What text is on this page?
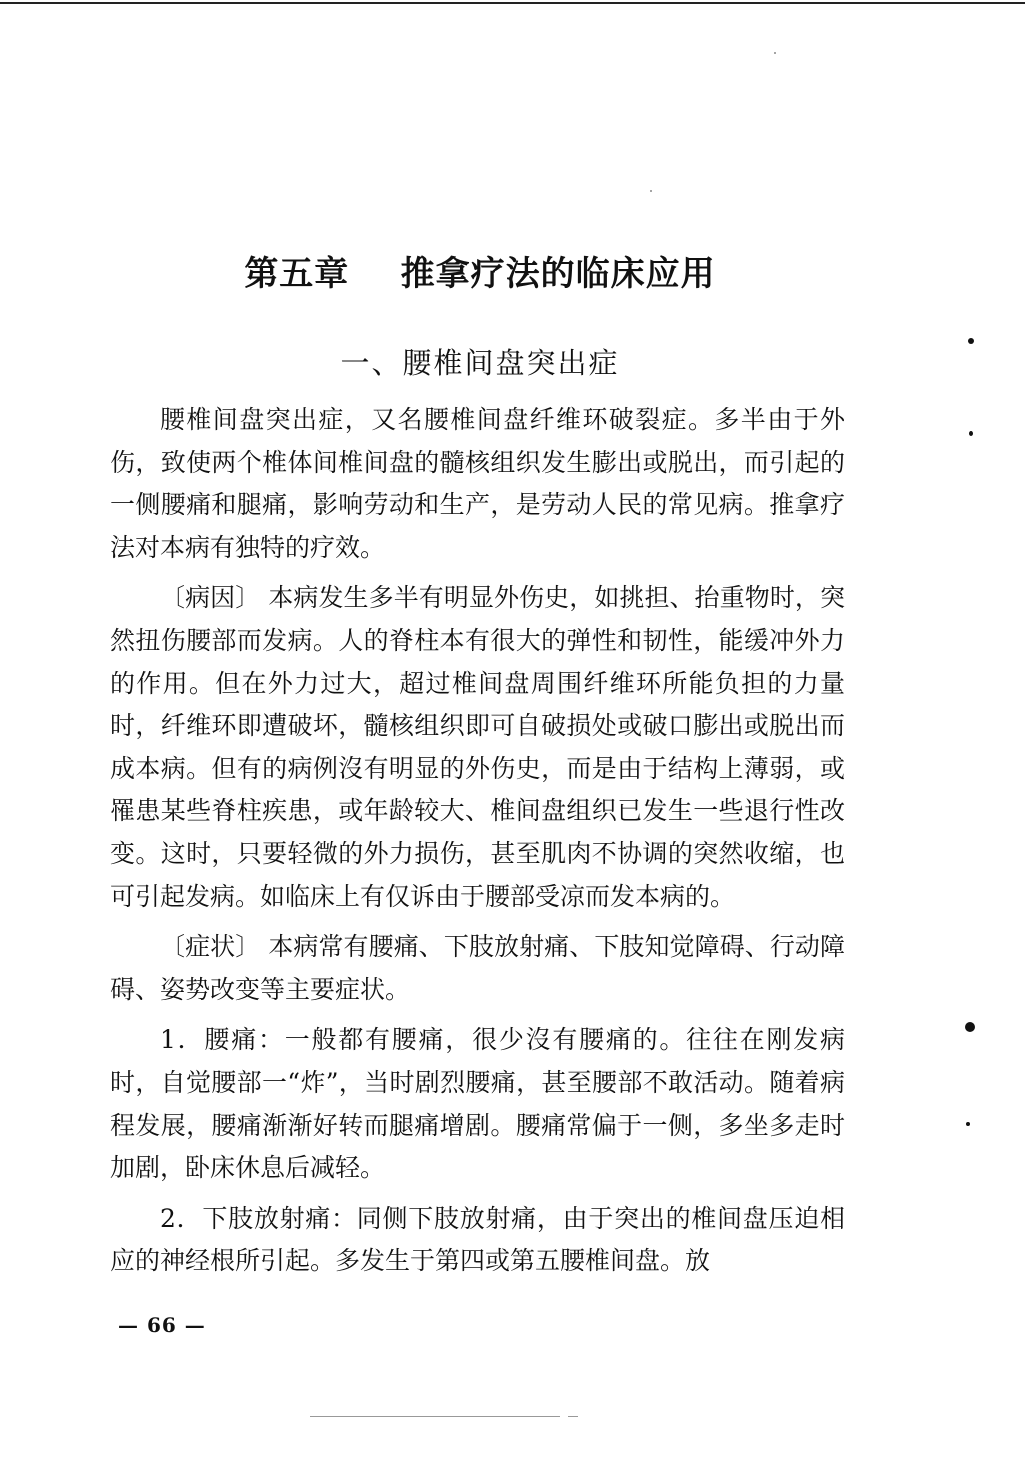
第五章    推拿疗法的临床应用
一、腰椎间盘突出症

腰椎间盘突出症，又名腰椎间盘纤维环破裂症。多半由于外伤，致使两个椎体间椎间盘的髓核组织发生膨出或脱出，而引起的一侧腰痛和腿痛，影响劳动和生产，是劳动人民的常见病。推拿疗法对本病有独特的疗效。

〔病因〕 本病发生多半有明显外伤史，如挑担、抬重物时，突然扭伤腰部而发病。人的脊柱本有很大的弹性和韧性，能缓冲外力的作用。但在外力过大，超过椎间盘周围纤维环所能负担的力量时，纤维环即遭破坏，髓核组织即可自破损处或破口膨出或脱出而成本病。但有的病例沒有明显的外伤史，而是由于结构上薄弱，或罹患某些脊柱疾患，或年龄较大、椎间盘组织已发生一些退行性改变。这时，只要轻微的外力损伤，甚至肌肉不协调的突然收缩，也可引起发病。如临床上有仅诉由于腰部受凉而发本病的。

〔症状〕 本病常有腰痛、下肢放射痛、下肢知觉障碍、行动障碍、姿势改变等主要症状。

1．腰痛：一般都有腰痛，很少沒有腰痛的。往往在刚发病时，自觉腰部一“炸”，当时剧烈腰痛，甚至腰部不敢活动。随着病程发展，腰痛渐渐好转而腿痛增剧。腰痛常偏于一侧，多坐多走时加剧，卧床休息后减轻。

2．下肢放射痛：同侧下肢放射痛，由于突出的椎间盘压迫相应的神经根所引起。多发生于第四或第五腰椎间盘。放

— 66 —
